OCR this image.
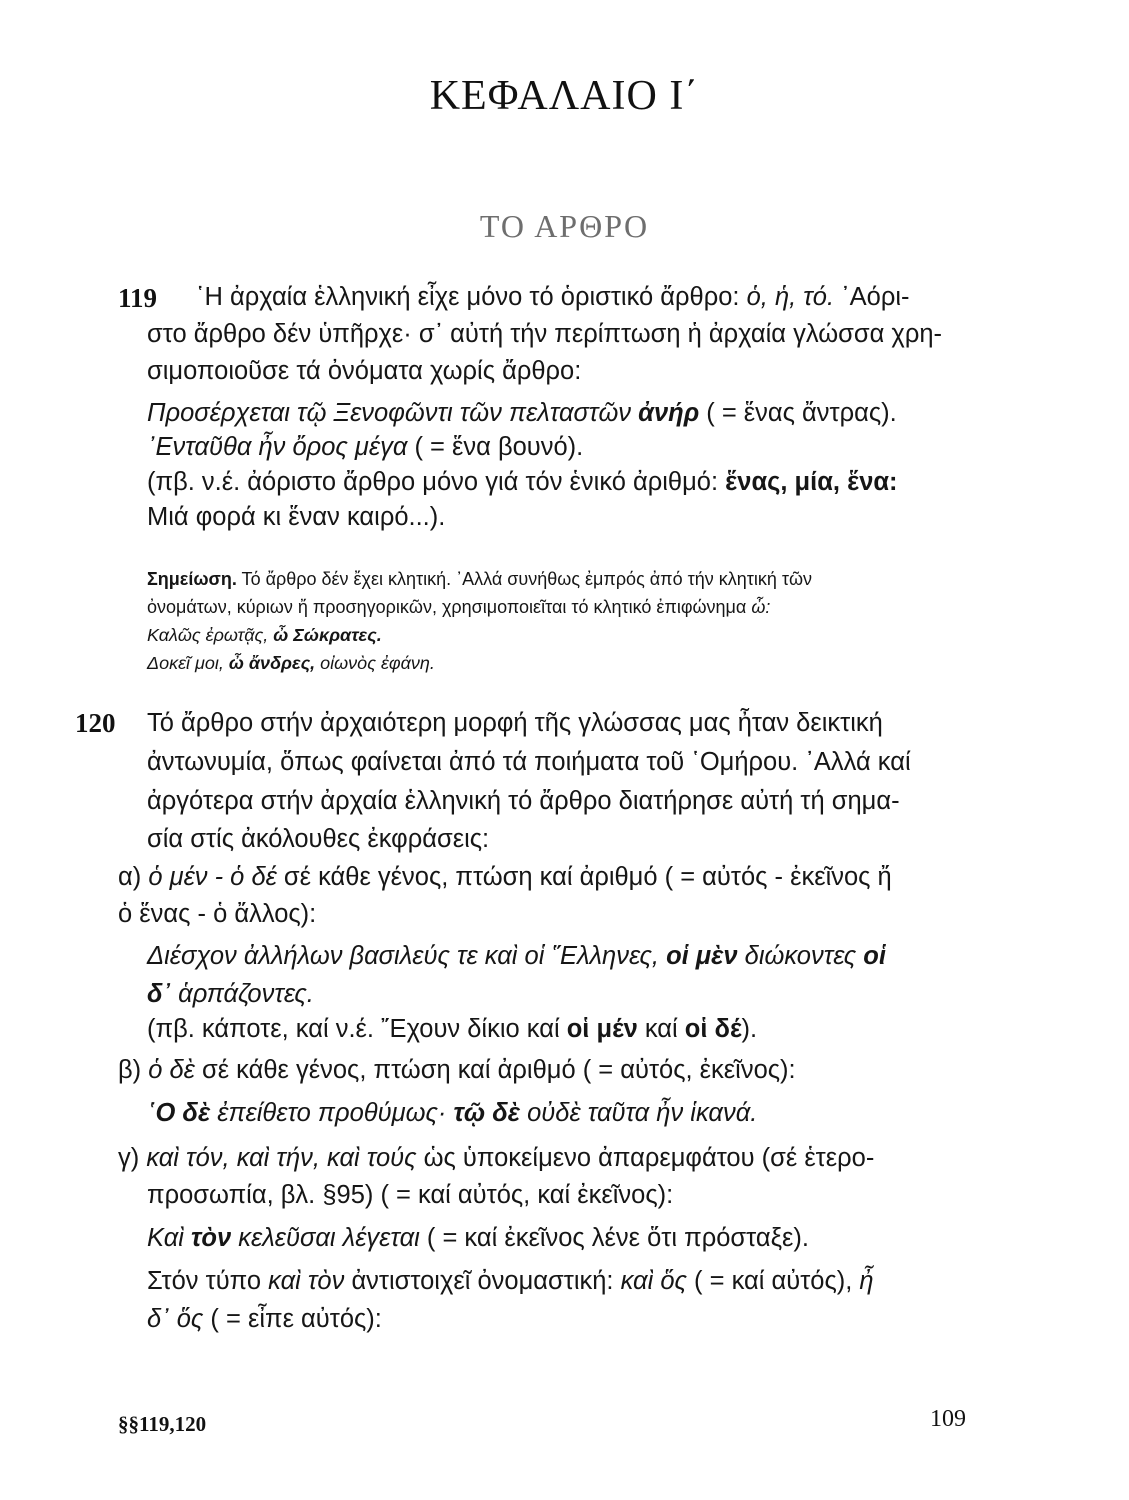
ΚΕΦΑΛΑΙΟ Ι΄
ΤΟ ΑΡΘΡΟ
119 ῾Η ἀρχαία ἑλληνική εἶχε μόνο τό ὁριστικό ἄρθρο: ὁ, ἡ, τό. ᾿Αόρι-
στο ἄρθρο δέν ὑπῆρχε· σ᾿ αὐτή τήν περίπτωση ἡ ἀρχαία γλώσσα χρη-
σιμοποιοῦσε τά ὀνόματα χωρίς ἄρθρο:
Προσέρχεται τῷ Ξενοφῶντι τῶν πελταστῶν ἀνήρ ( = ἕνας ἄντρας).
᾿Ενταῦθα ἦν ὄρος μέγα ( = ἕνα βουνό).
(πβ. ν.έ. ἀόριστο ἄρθρο μόνο γιά τόν ἑνικό ἀριθμό: ἕνας, μία, ἕνα:
Μιά φορά κι ἕναν καιρό...).
Σημείωση. Τό ἄρθρο δέν ἔχει κλητική. ᾿Αλλά συνήθως ἐμπρός ἀπό τήν κλητική τῶν
ὀνομάτων, κύριων ἤ προσηγορικῶν, χρησιμοποιεῖται τό κλητικό ἐπιφώνημα ὦ:
Καλῶς ἐρωτᾷς, ὦ Σώκρατες.
Δοκεῖ μοι, ὦ ἄνδρες, οἰωνὸς ἐφάνη.
120 Τό ἄρθρο στήν ἀρχαιότερη μορφή τῆς γλώσσας μας ἦταν δεικτική
ἀντωνυμία, ὅπως φαίνεται ἀπό τά ποιήματα τοῦ ῾Ομήρου. ᾿Αλλά καί
ἀργότερα στήν ἀρχαία ἑλληνική τό ἄρθρο διατήρησε αὐτή τή σημα-
σία στίς ἀκόλουθες ἐκφράσεις:
α) ὁ μέν - ὁ δέ σέ κάθε γένος, πτώση καί ἀριθμό ( = αὐτός - ἐκεῖνος ἤ
ὁ ἕνας - ὁ ἄλλος):
Διέσχον ἀλλήλων βασιλεύς τε καὶ οἱ ῞Ελληνες, οἱ μὲν διώκοντες οἱ
δ᾿ ἁρπάζοντες.
(πβ. κάποτε, καί ν.έ. ῎Εχουν δίκιο καί οἱ μέν καί οἱ δέ).
β) ὁ δὲ σέ κάθε γένος, πτώση καί ἀριθμό ( = αὐτός, ἐκεῖνος):
῾Ο δὲ ἐπείθετο προθύμως· τῷ δὲ οὐδὲ ταῦτα ἦν ἱκανά.
γ) καὶ τόν, καὶ τήν, καὶ τούς ὡς ὑποκείμενο ἀπαρεμφάτου (σέ ἑτερο-
προσωπία, βλ. §95) ( = καί αὐτός, καί ἐκεῖνος):
Καὶ τὸν κελεῦσαι λέγεται ( = καί ἐκεῖνος λένε ὅτι πρόσταξε).
Στόν τύπο καὶ τὸν ἀντιστοιχεῖ ὀνομαστική: καὶ ὅς ( = καί αὐτός), ἦ
δ᾿ ὅς ( = εἶπε αὐτός):
§§119,120	109
